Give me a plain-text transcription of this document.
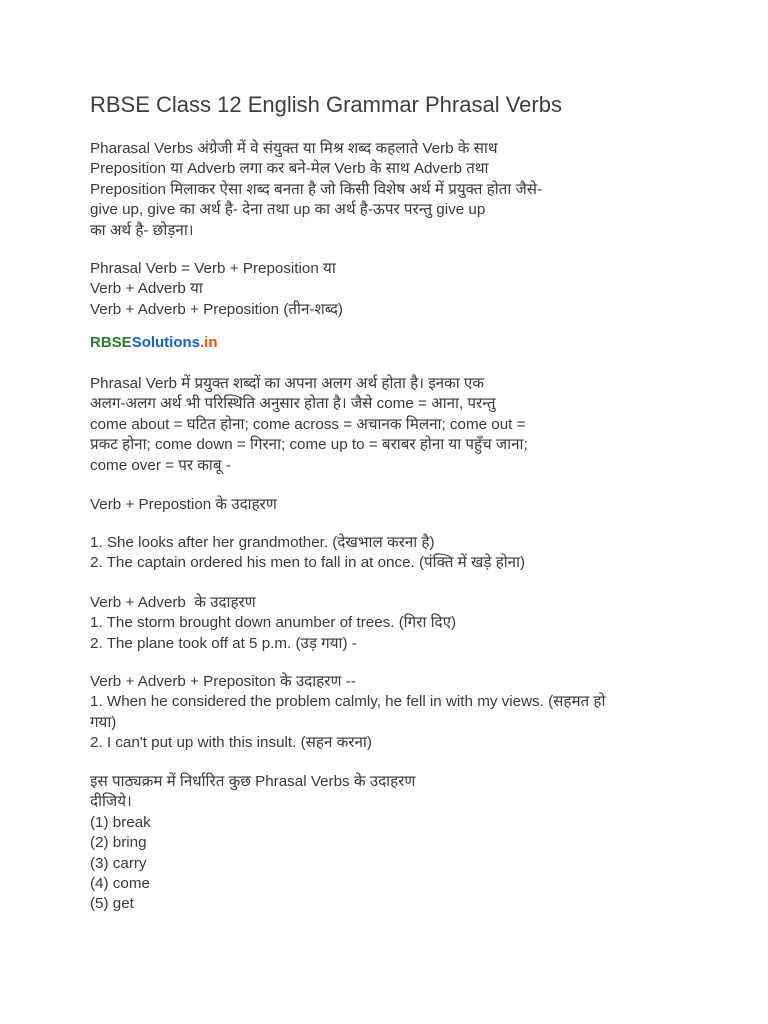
RBSE Class 12 English Grammar Phrasal Verbs

Pharasal Verbs अंग्रेजी में वे संयुक्त या मिश्र शब्द कहलाते Verb के साथ
Preposition या Adverb लगा कर बने-मेल Verb के साथ Adverb तथा
Preposition मिलाकर ऐसा शब्द बनता है जो किसी विशेष अर्थ में प्रयुक्त होता जैसे-
give up, give का अर्थ है- देना तथा up का अर्थ है-ऊपर परन्तु give up
का अर्थ है- छोड़ना।

Phrasal Verb = Verb + Preposition या
Verb + Adverb या
Verb + Adverb + Preposition (तीन-शब्द)

RBSESolutions.in

Phrasal Verb में प्रयुक्त शब्दों का अपना अलग अर्थ होता है। इनका एक
अलग-अलग अर्थ भी परिस्थिति अनुसार होता है। जैसे come = आना, परन्तु
come about = घटित होना; come across = अचानक मिलना; come out =
प्रकट होना; come down = गिरना; come up to = बराबर होना या पहुँच जाना;
come over = पर काबू -

Verb + Prepostion के उदाहरण

1. She looks after her grandmother. (देखभाल करना है)
2. The captain ordered his men to fall in at once. (पंक्ति में खड़े होना)

Verb + Adverb  के उदाहरण
1. The storm brought down anumber of trees. (गिरा दिए)
2. The plane took off at 5 p.m. (उड़ गया) -

Verb + Adverb + Prepositon के उदाहरण --
1. When he considered the problem calmly, he fell in with my views. (सहमत हो
गया)
2. I can't put up with this insult. (सहन करना)

इस पाठ्यक्रम में निर्धारित कुछ Phrasal Verbs के उदाहरण
दीजिये।
(1) break
(2) bring
(3) carry
(4) come
(5) get
